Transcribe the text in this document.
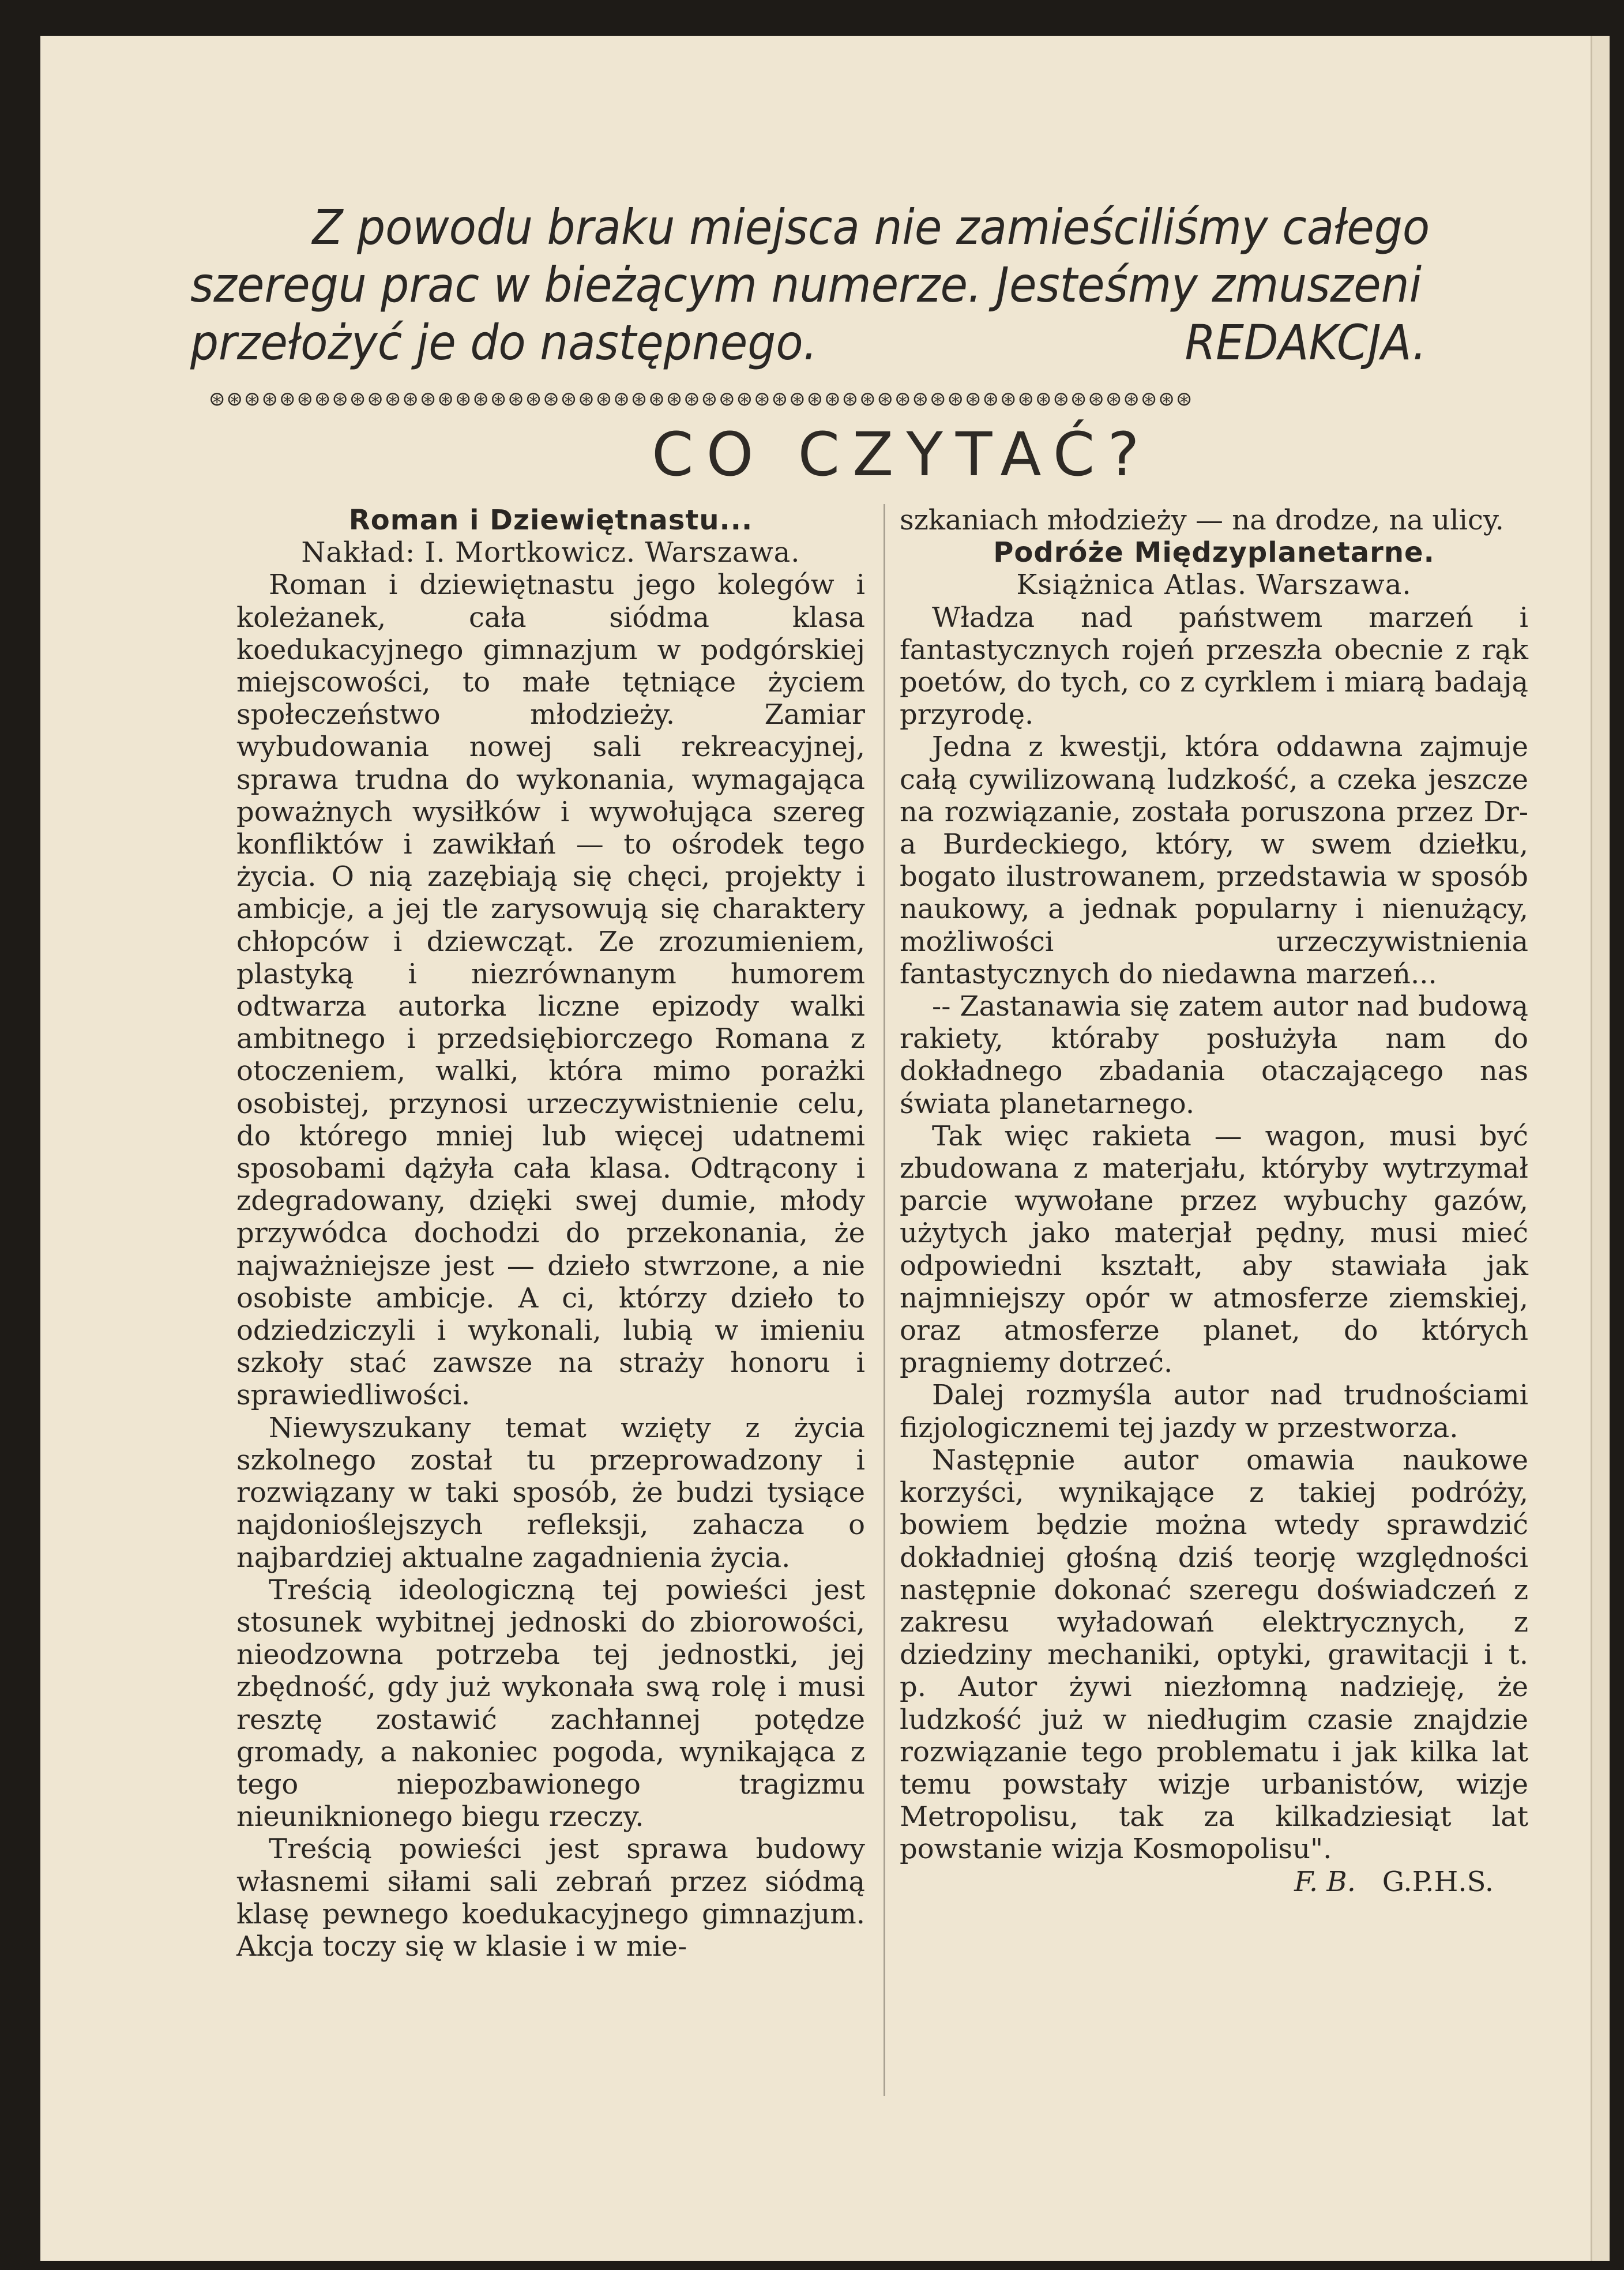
Z powodu braku miejsca nie zamieściliśmy całego
szeregu prac w bieżącym numerze. Jesteśmy zmuszeni
przełożyć je do następnego.	REDAKCJA.
⊛⊛⊛⊛⊛⊛⊛⊛⊛⊛⊛⊛⊛⊛⊛⊛⊛⊛⊛⊛⊛⊛⊛⊛⊛⊛⊛⊛⊛⊛⊛⊛⊛⊛⊛⊛⊛⊛⊛⊛⊛⊛⊛⊛⊛⊛⊛⊛⊛⊛⊛⊛⊛⊛⊛⊛
CO CZYTAĆ?

Roman i Dziewiętnastu...

Nakład: I. Mortkowicz. Warszawa.

Roman i dziewiętnastu jego kolegów i koleżanek, cała siódma klasa koedukacyjnego gimnazjum w podgórskiej miejscowości, to małe tętniące życiem społeczeństwo młodzieży. Zamiar wybudowania nowej sali rekreacyjnej, sprawa trudna do wykonania, wymagająca poważnych wysiłków i wywołująca szereg konfliktów i zawikłań — to ośrodek tego życia. O nią zazębiają się chęci, projekty i ambicje, a jej tle zarysowują się charaktery chłopców i dziewcząt. Ze zrozumieniem, plastyką i niezrównanym humorem odtwarza autorka liczne epizody walki ambitnego i przedsiębiorczego Romana z otoczeniem, walki, która mimo porażki osobistej, przynosi urzeczywistnienie celu, do którego mniej lub więcej udatnemi sposobami dążyła cała klasa. Odtrącony i zdegradowany, dzięki swej dumie, młody przywódca dochodzi do przekonania, że najważniejsze jest — dzieło stwrzone, a nie osobiste ambicje. A ci, którzy dzieło to odziedziczyli i wykonali, lubią w imieniu szkoły stać zawsze na straży honoru i sprawiedliwości.

Niewyszukany temat wzięty z życia szkolnego został tu przeprowadzony i rozwiązany w taki sposób, że budzi tysiące najdonioślejszych refleksji, zahacza o najbardziej aktualne zagadnienia życia.

Treścią ideologiczną tej powieści jest stosunek wybitnej jednoski do zbiorowości, nieodzowna potrzeba tej jednostki, jej zbędność, gdy już wykonała swą rolę i musi resztę zostawić zachłannej potędze gromady, a nakoniec pogoda, wynikająca z tego niepozbawionego tragizmu nieuniknionego biegu rzeczy.

Treścią powieści jest sprawa budowy własnemi siłami sali zebrań przez siódmą klasę pewnego koedukacyjnego gimnazjum. Akcja toczy się w klasie i w mie-

szkaniach młodzieży — na drodze, na ulicy.

Podróże Międzyplanetarne.

Książnica Atlas. Warszawa.

Władza nad państwem marzeń i fantastycznych rojeń przeszła obecnie z rąk poetów, do tych, co z cyrklem i miarą badają przyrodę.

Jedna z kwestji, która oddawna zajmuje całą cywilizowaną ludzkość, a czeka jeszcze na rozwiązanie, została poruszona przez Dr-a Burdeckiego, który, w swem dziełku, bogato ilustrowanem, przedstawia w sposób naukowy, a jednak popularny i nienużący, możliwości urzeczywistnienia fantastycznych do niedawna marzeń...

-- Zastanawia się zatem autor nad budową rakiety, któraby posłużyła nam do dokładnego zbadania otaczającego nas świata planetarnego.

Tak więc rakieta — wagon, musi być zbudowana z materjału, któryby wytrzymał parcie wywołane przez wybuchy gazów, użytych jako materjał pędny, musi mieć odpowiedni kształt, aby stawiała jak najmniejszy opór w atmosferze ziemskiej, oraz atmosferze planet, do których pragniemy dotrzeć.

Dalej rozmyśla autor nad trudnościami fizjologicznemi tej jazdy w przestworza.

Następnie autor omawia naukowe korzyści, wynikające z takiej podróży, bowiem będzie można wtedy sprawdzić dokładniej głośną dziś teorję względności następnie dokonać szeregu doświadczeń z zakresu wyładowań elektrycznych, z dziedziny mechaniki, optyki, grawitacji i t. p. Autor żywi niezłomną nadzieję, że ludzkość już w niedługim czasie znajdzie rozwiązanie tego problematu i jak kilka lat temu powstały wizje urbanistów, wizje Metropolisu, tak za kilkadziesiąt lat powstanie wizja Kosmopolisu".

F. B. G.P.H.S.
